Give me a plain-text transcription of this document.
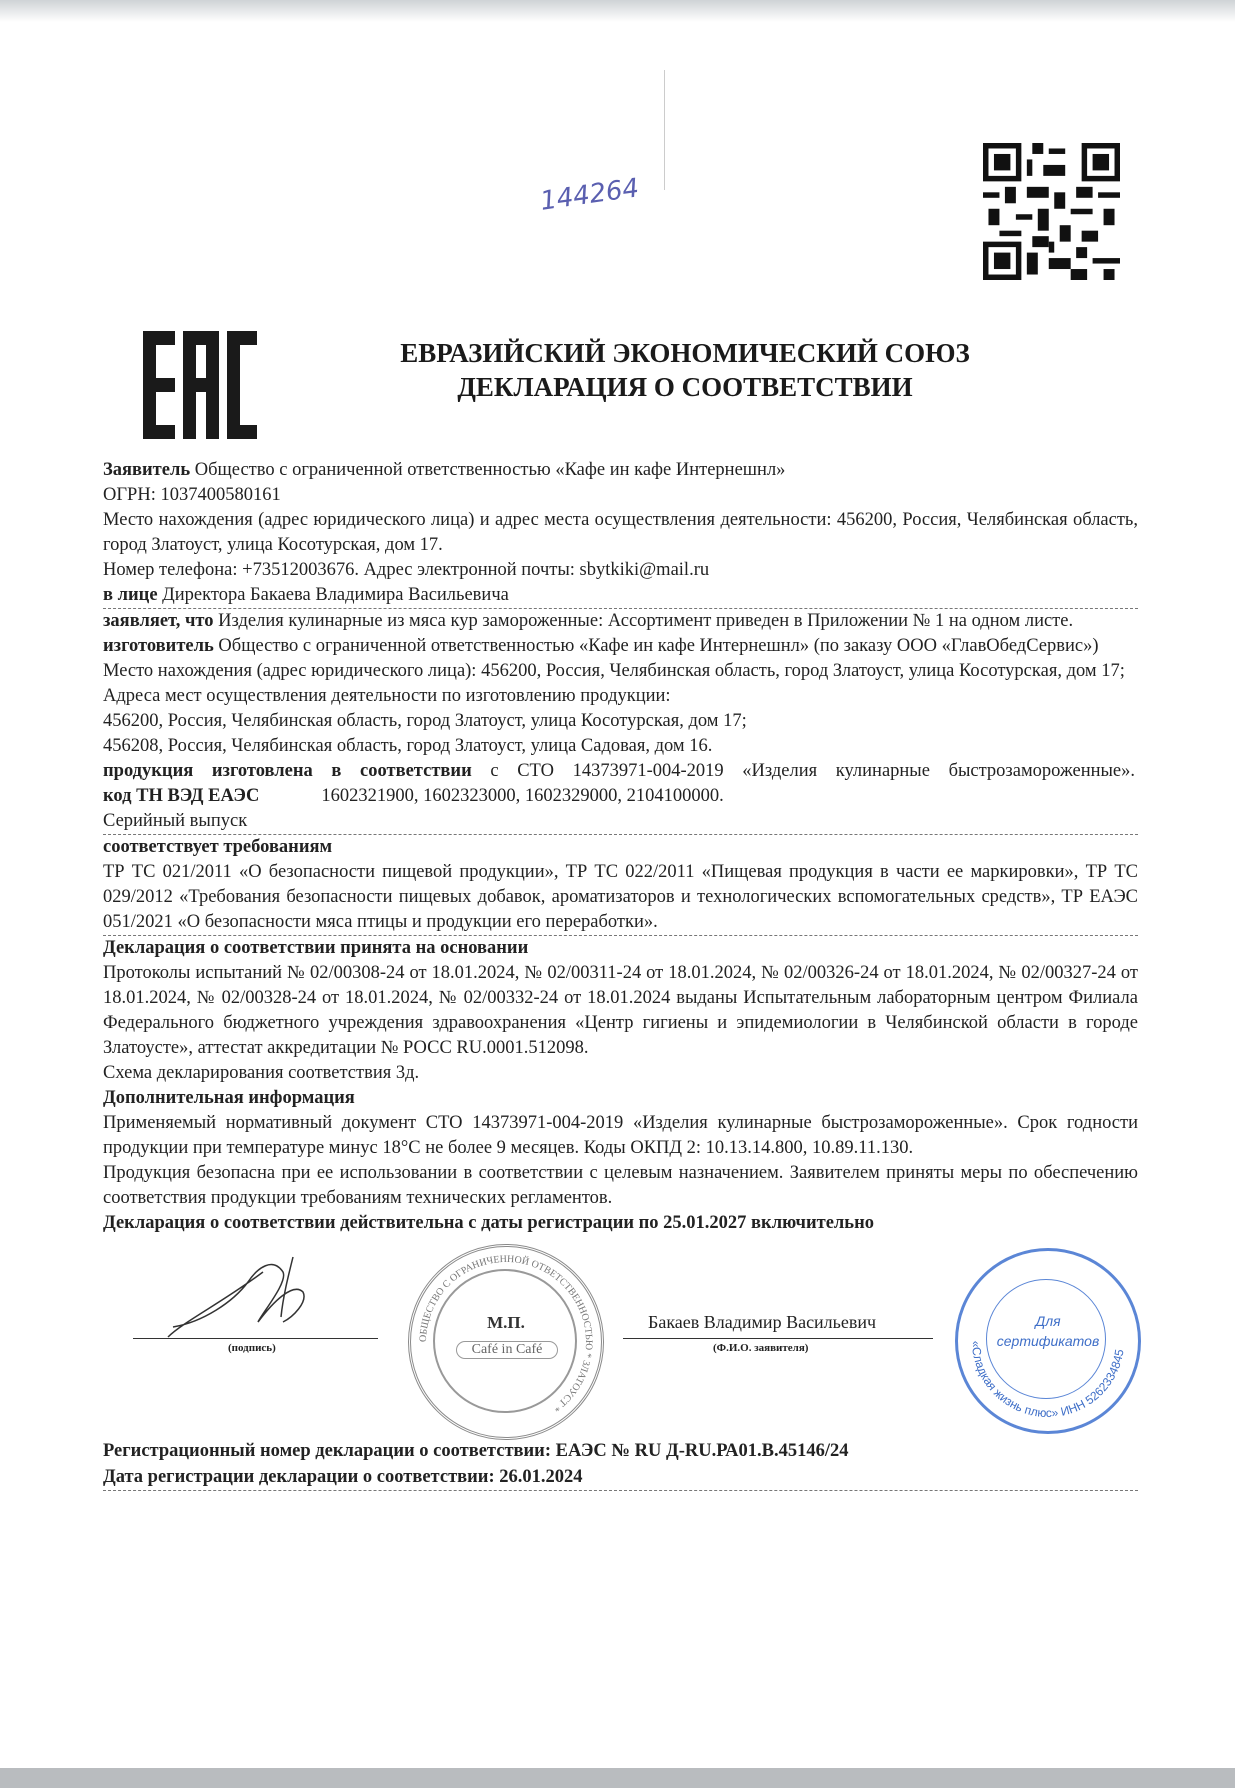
144264
ЕВРАЗИЙСКИЙ ЭКОНОМИЧЕСКИЙ СОЮЗ
ДЕКЛАРАЦИЯ О СООТВЕТСТВИИ

Заявитель Общество с ограниченной ответственностью «Кафе ин кафе Интернешнл»

ОГРН: 1037400580161

Место нахождения (адрес юридического лица) и адрес места осуществления деятельности: 456200, Россия, Челябинская область, город Златоуст, улица Косотурская, дом 17.

Номер телефона: +73512003676. Адрес электронной почты: sbytkiki@mail.ru

в лице Директора Бакаева Владимира Васильевича

заявляет, что Изделия кулинарные из мяса кур замороженные: Ассортимент приведен в Приложении № 1 на одном листе.

изготовитель Общество с ограниченной ответственностью «Кафе ин кафе Интернешнл» (по заказу ООО «ГлавОбедСервис»)

Место нахождения (адрес юридического лица): 456200, Россия, Челябинская область, город Златоуст, улица Косотурская, дом 17;

Адреса мест осуществления деятельности по изготовлению продукции:

456200, Россия, Челябинская область, город Златоуст, улица Косотурская, дом 17;

456208, Россия, Челябинская область, город Златоуст, улица Садовая, дом 16.

продукция изготовлена в соответствии с СТО 14373971-004-2019 «Изделия кулинарные быстрозамороженные».

код ТН ВЭД ЕАЭС	1602321900, 1602323000, 1602329000, 2104100000.

Серийный выпуск

соответствует требованиям

ТР ТС 021/2011 «О безопасности пищевой продукции», ТР ТС 022/2011 «Пищевая продукция в части ее маркировки», ТР ТС 029/2012 «Требования безопасности пищевых добавок, ароматизаторов и технологических вспомогательных средств», ТР ЕАЭС 051/2021 «О безопасности мяса птицы и продукции его переработки».

Декларация о соответствии принята на основании

Протоколы испытаний № 02/00308-24 от 18.01.2024, № 02/00311-24 от 18.01.2024, № 02/00326-24 от 18.01.2024, № 02/00327-24 от 18.01.2024, № 02/00328-24 от 18.01.2024, № 02/00332-24 от 18.01.2024 выданы Испытательным лабораторным центром Филиала Федерального бюджетного учреждения здравоохранения «Центр гигиены и эпидемиологии в Челябинской области в городе Златоусте», аттестат аккредитации № РОСС RU.0001.512098.

Схема декларирования соответствия 3д.

Дополнительная информация

Применяемый нормативный документ СТО 14373971-004-2019 «Изделия кулинарные быстрозамороженные». Срок годности продукции при температуре минус 18°С не более 9 месяцев. Коды ОКПД 2: 10.13.14.800, 10.89.11.130.

Продукция безопасна при ее использовании в соответствии с целевым назначением. Заявителем приняты меры по обеспечению соответствия продукции требованиям технических регламентов.

Декларация о соответствии действительна с даты регистрации по 25.01.2027 включительно

(подпись)
ОБЩЕСТВО С ОГРАНИЧЕННОЙ ОТВЕТСТВЕННОСТЬЮ * ЗЛАТОУСТ *
М.П.
Café in Café
Бакаев Владимир Васильевич
(Ф.И.О. заявителя)	«Сладкая жизнь плюс» ИНН 5262334845
Для
сертификатов
Регистрационный номер декларации о соответствии: ЕАЭС № RU Д-RU.РА01.В.45146/24
Дата регистрации декларации о соответствии: 26.01.2024
